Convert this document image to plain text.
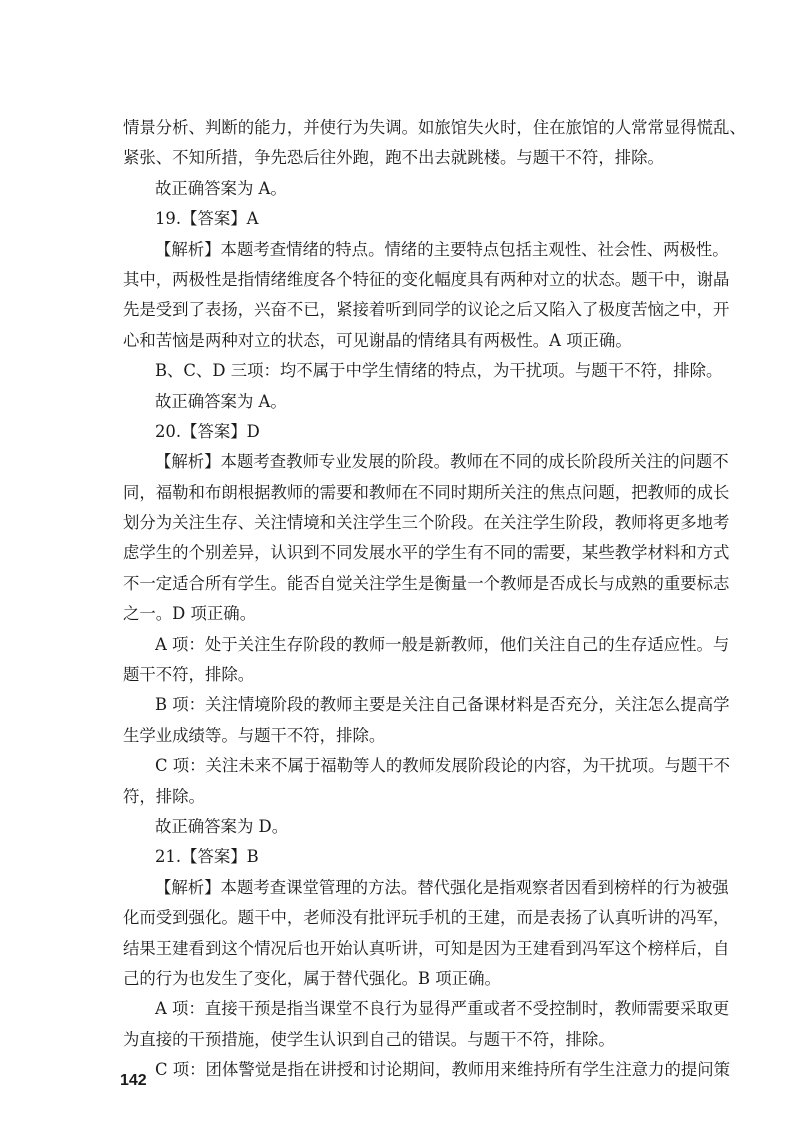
情景分析、判断的能力，并使行为失调。如旅馆失火时，住在旅馆的人常常显得慌乱、
紧张、不知所措，争先恐后往外跑，跑不出去就跳楼。与题干不符，排除。
故正确答案为 A。
19.【答案】A
【解析】本题考查情绪的特点。情绪的主要特点包括主观性、社会性、两极性。
其中，两极性是指情绪维度各个特征的变化幅度具有两种对立的状态。题干中，谢晶
先是受到了表扬，兴奋不已，紧接着听到同学的议论之后又陷入了极度苦恼之中，开
心和苦恼是两种对立的状态，可见谢晶的情绪具有两极性。A 项正确。
B、C、D 三项：均不属于中学生情绪的特点，为干扰项。与题干不符，排除。
故正确答案为 A。
20.【答案】D
【解析】本题考查教师专业发展的阶段。教师在不同的成长阶段所关注的问题不
同，福勒和布朗根据教师的需要和教师在不同时期所关注的焦点问题，把教师的成长
划分为关注生存、关注情境和关注学生三个阶段。在关注学生阶段，教师将更多地考
虑学生的个别差异，认识到不同发展水平的学生有不同的需要，某些教学材料和方式
不一定适合所有学生。能否自觉关注学生是衡量一个教师是否成长与成熟的重要标志
之一。D 项正确。
A 项：处于关注生存阶段的教师一般是新教师，他们关注自己的生存适应性。与
题干不符，排除。
B 项：关注情境阶段的教师主要是关注自己备课材料是否充分，关注怎么提高学
生学业成绩等。与题干不符，排除。
C 项：关注未来不属于福勒等人的教师发展阶段论的内容，为干扰项。与题干不
符，排除。
故正确答案为 D。
21.【答案】B
【解析】本题考查课堂管理的方法。替代强化是指观察者因看到榜样的行为被强
化而受到强化。题干中，老师没有批评玩手机的王建，而是表扬了认真听讲的冯军，
结果王建看到这个情况后也开始认真听讲，可知是因为王建看到冯军这个榜样后，自
己的行为也发生了变化，属于替代强化。B 项正确。
A 项：直接干预是指当课堂不良行为显得严重或者不受控制时，教师需要采取更
为直接的干预措施，使学生认识到自己的错误。与题干不符，排除。
C 项：团体警觉是指在讲授和讨论期间，教师用来维持所有学生注意力的提问策
142
